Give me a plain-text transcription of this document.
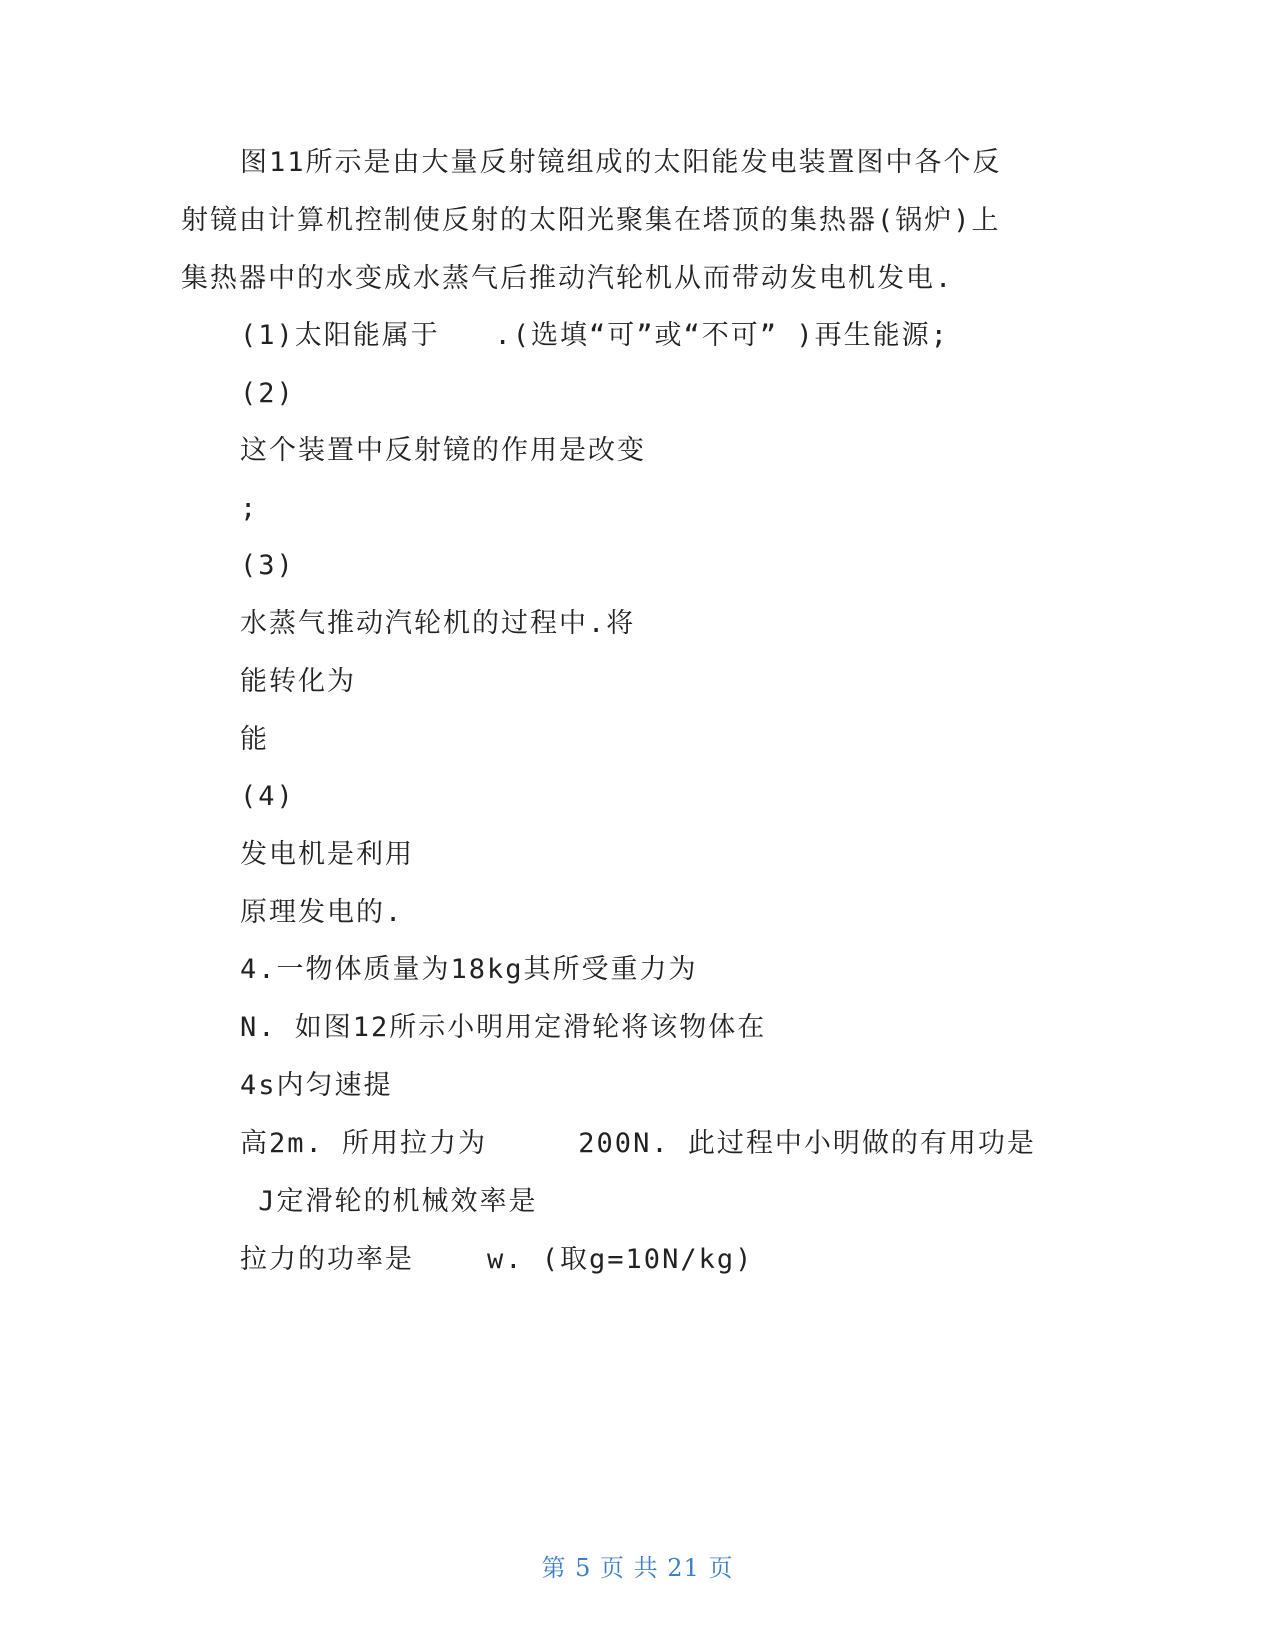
图11所示是由大量反射镜组成的太阳能发电装置图中各个反
射镜由计算机控制使反射的太阳光聚集在塔顶的集热器(锅炉)上
集热器中的水变成水蒸气后推动汽轮机从而带动发电机发电.
(1)太阳能属于   .(选填“可”或“不可” )再生能源;
(2)
这个装置中反射镜的作用是改变
;
(3)
水蒸气推动汽轮机的过程中.将
能转化为
能
(4)
发电机是利用
原理发电的.
4.一物体质量为18kg其所受重力为
N. 如图12所示小明用定滑轮将该物体在
4s内匀速提
高2m. 所用拉力为     200N. 此过程中小明做的有用功是
J定滑轮的机械效率是
拉力的功率是    w. (取g=10N/kg)
第 5 页 共 21 页
